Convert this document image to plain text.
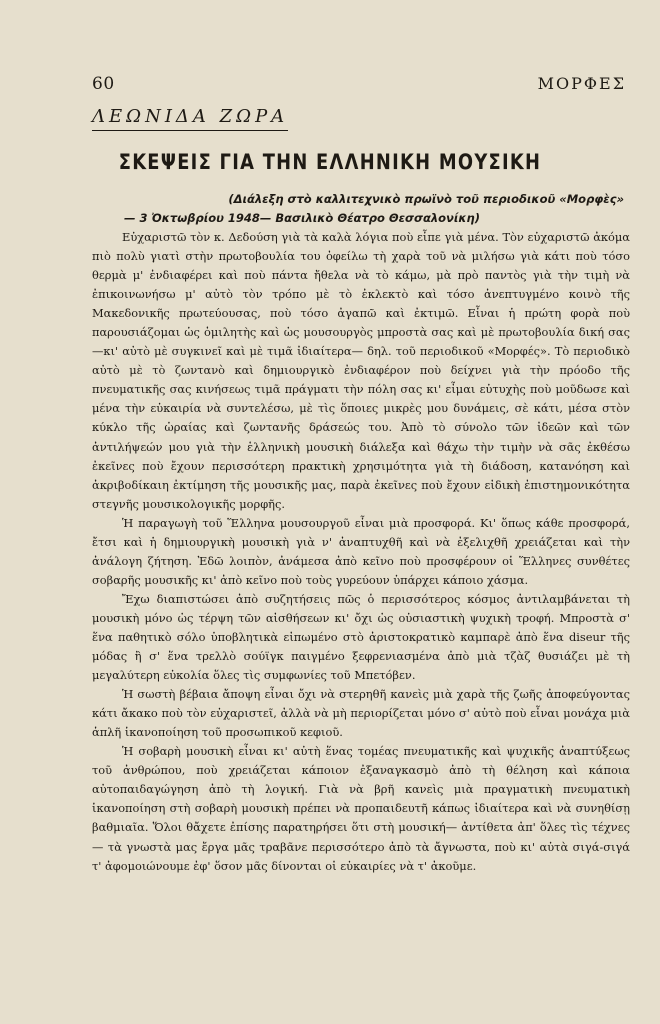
60	ΜΟΡΦΕΣ
ΛΕΩΝΙΔΑ ΖΩΡΑ
ΣΚΕΨΕΙΣ ΓΙΑ ΤΗΝ ΕΛΛΗΝΙΚΗ ΜΟΥΣΙΚΗ
(Διάλεξη στὸ καλλιτεχνικὸ πρωϊνὸ τοῦ περιοδικοῦ «Μορφὲς»
— 3 Ὀκτωβρίου 1948— Βασιλικὸ Θέατρο Θεσσαλονίκη)

Εὐχαριστῶ τὸν κ. Δεδούση γιὰ τὰ καλὰ λόγια ποὺ εἶπε γιὰ μένα. Τὸν εὐχαριστῶ ἀκόμα πιὸ πολὺ γιατὶ στὴν πρωτοβουλία του ὀφείλω τὴ χαρὰ τοῦ νὰ μιλήσω γιὰ κάτι ποὺ τόσο θερμὰ μ' ἐνδιαφέρει καὶ ποὺ πάντα ἤθελα νὰ τὸ κάμω, μὰ πρὸ παντὸς γιὰ τὴν τιμὴ νὰ ἐπικοινωνήσω μ' αὐτὸ τὸν τρόπο μὲ τὸ ἐκλεκτὸ καὶ τόσο ἀνεπτυγμένο κοινὸ τῆς Μακεδονικῆς πρωτεύουσας, ποὺ τόσο ἀγαπῶ καὶ ἐκτιμῶ. Εἶναι ἡ πρώτη φορὰ ποὺ παρουσιάζομαι ὡς ὁμιλητὴς καὶ ὡς μουσουργὸς μπροστὰ σας καὶ μὲ πρωτοβουλία δική σας—κι' αὐτὸ μὲ συγκινεῖ καὶ μὲ τιμᾶ ἰδιαίτερα— δηλ. τοῦ περιοδικοῦ «Μορφές». Τὸ περιοδικὸ αὐτὸ μὲ τὸ ζωντανὸ καὶ δημιουργικὸ ἐνδιαφέρον ποὺ δείχνει γιὰ τὴν πρόοδο τῆς πνευματικῆς σας κινήσεως τιμᾶ πράγματι τὴν πόλη σας κι' εἶμαι εὐτυχὴς ποὺ μοῦδωσε καὶ μένα τὴν εὐκαιρία νὰ συντελέσω, μὲ τὶς ὅποιες μικρὲς μου δυνάμεις, σὲ κάτι, μέσα στὸν κύκλο τῆς ὡραίας καὶ ζωντανῆς δράσεώς του. Ἀπὸ τὸ σύνολο τῶν ἰδεῶν καὶ τῶν ἀντιλήψεών μου γιὰ τὴν ἑλληνικὴ μουσικὴ διάλεξα καὶ θάχω τὴν τιμὴν νὰ σᾶς ἐκθέσω ἐκεῖνες ποὺ ἔχουν περισσότερη πρακτικὴ χρησιμότητα γιὰ τὴ διάδοση, κατανόηση καὶ ἀκριβοδίκαιη ἐκτίμηση τῆς μουσικῆς μας, παρὰ ἐκεῖνες ποὺ ἔχουν εἰδικὴ ἐπιστημονικότητα στεγνῆς μουσικολογικῆς μορφῆς.

Ἡ παραγωγὴ τοῦ Ἕλληνα μουσουργοῦ εἶναι μιὰ προσφορά. Κι' ὅπως κάθε προσφορά, ἔτσι καὶ ἡ δημιουργικὴ μουσικὴ γιὰ ν' ἀναπτυχθῆ καὶ νὰ ἐξελιχθῆ χρειάζεται καὶ τὴν ἀνάλογη ζήτηση. Ἐδῶ λοιπὸν, ἀνάμεσα ἀπὸ κεῖνο ποὺ προσφέρουν οἱ Ἕλληνες συνθέτες σοβαρῆς μουσικῆς κι' ἀπὸ κεῖνο ποὺ τοὺς γυρεύουν ὑπάρχει κάποιο χάσμα.

Ἔχω διαπιστώσει ἀπὸ συζητήσεις πῶς ὁ περισσότερος κόσμος ἀντιλαμβάνεται τὴ μουσικὴ μόνο ὡς τέρψη τῶν αἰσθήσεων κι' ὄχι ὡς οὐσιαστικὴ ψυχικὴ τροφή. Μπροστὰ σ' ἕνα παθητικὸ σόλο ὑποβλητικὰ εἰπωμένο στὸ ἀριστοκρατικὸ καμπαρὲ ἀπὸ ἕνα diseur τῆς μόδας ἢ σ' ἕνα τρελλὸ σούϊγκ παιγμένο ξεφρενιασμένα ἀπὸ μιὰ τζὰζ θυσιάζει μὲ τὴ μεγαλύτερη εὐκολία ὅλες τὶς συμφωνίες τοῦ Μπετόβεν.

Ἡ σωστὴ βέβαια ἄποψη εἶναι ὄχι νὰ στερηθῆ κανεὶς μιὰ χαρὰ τῆς ζωῆς ἀποφεύγοντας κάτι ἄκακο ποὺ τὸν εὐχαριστεῖ, ἀλλὰ νὰ μὴ περιορίζεται μόνο σ' αὐτὸ ποὺ εἶναι μονάχα μιὰ ἁπλῆ ἱκανοποίηση τοῦ προσωπικοῦ κεφιοῦ.

Ἡ σοβαρὴ μουσικὴ εἶναι κι' αὐτὴ ἕνας τομέας πνευματικῆς καὶ ψυχικῆς ἀναπτύξεως τοῦ ἀνθρώπου, ποὺ χρειάζεται κάποιον ἐξαναγκασμὸ ἀπὸ τὴ θέληση καὶ κάποια αὐτοπαιδαγώγηση ἀπὸ τὴ λογική. Γιὰ νὰ βρῆ κανεὶς μιὰ πραγματικὴ πνευματικὴ ἱκανοποίηση στὴ σοβαρὴ μουσικὴ πρέπει νὰ προπαιδευτῆ κάπως ἰδιαίτερα καὶ νὰ συνηθίσῃ βαθμιαῖα. Ὅλοι θἄχετε ἐπίσης παρατηρήσει ὅτι στὴ μουσική— ἀντίθετα ἀπ' ὅλες τὶς τέχνες— τὰ γνωστὰ μας ἔργα μᾶς τραβᾶνε περισσότερο ἀπὸ τὰ ἄγνωστα, ποὺ κι' αὐτὰ σιγά-σιγά τ' ἀφομοιώνουμε ἐφ' ὅσον μᾶς δίνονται οἱ εὐκαιρίες νὰ τ' ἀκοῦμε.
